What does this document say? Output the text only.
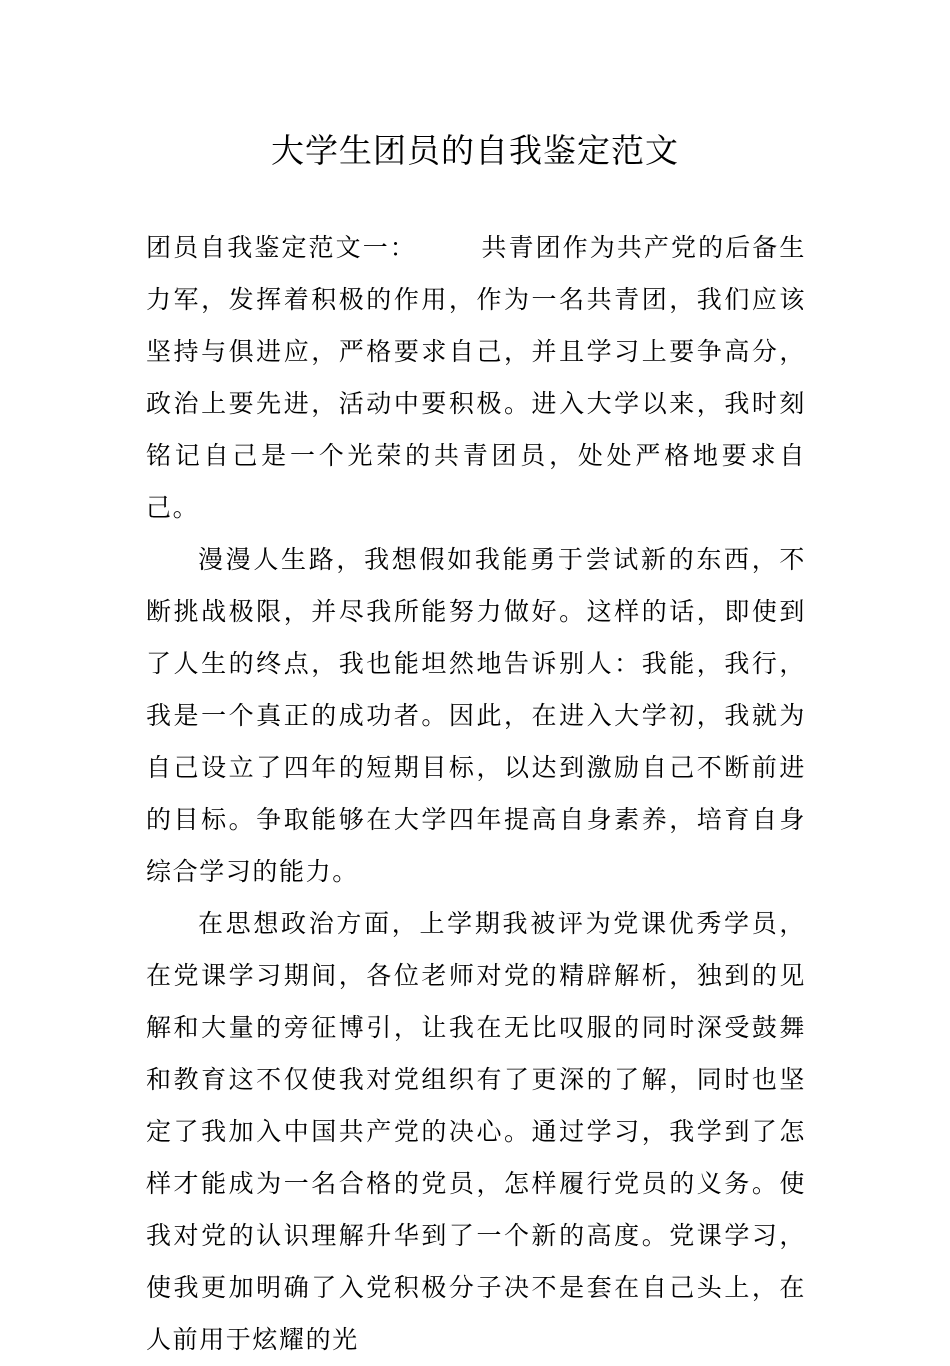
大学生团员的自我鉴定范文

团员自我鉴定范文一：	共青团作为共产党的后备生力军，发挥着积极的作用，作为一名共青团，我们应该坚持与俱进应，严格要求自己，并且学习上要争高分，政治上要先进，活动中要积极。进入大学以来，我时刻铭记自己是一个光荣的共青团员，处处严格地要求自己。

漫漫人生路，我想假如我能勇于尝试新的东西，不断挑战极限，并尽我所能努力做好。这样的话，即使到了人生的终点，我也能坦然地告诉别人：我能，我行，我是一个真正的成功者。因此，在进入大学初，我就为自己设立了四年的短期目标，以达到激励自己不断前进的目标。争取能够在大学四年提高自身素养，培育自身综合学习的能力。

在思想政治方面，上学期我被评为党课优秀学员，在党课学习期间，各位老师对党的精辟解析，独到的见解和大量的旁征博引，让我在无比叹服的同时深受鼓舞和教育这不仅使我对党组织有了更深的了解，同时也坚定了我加入中国共产党的决心。通过学习，我学到了怎样才能成为一名合格的党员，怎样履行党员的义务。使我对党的认识理解升华到了一个新的高度。党课学习，使我更加明确了入党积极分子决不是套在自己头上，在人前用于炫耀的光
